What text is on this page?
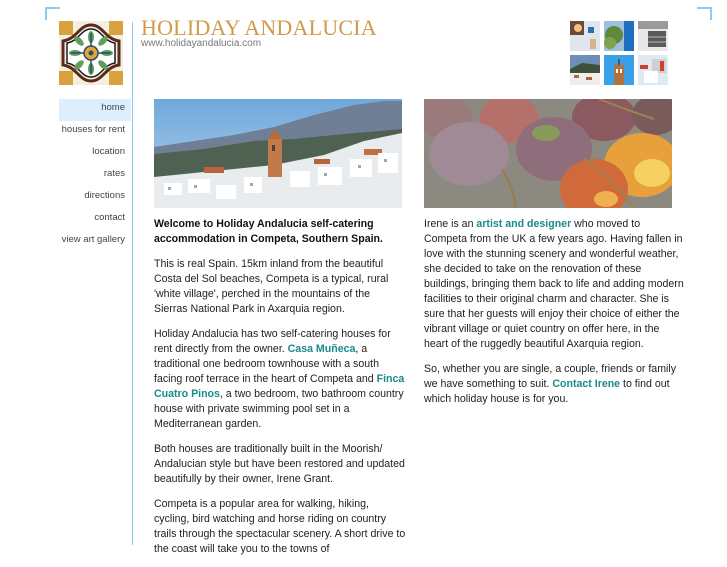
HOLIDAY ANDALUCIA
www.holidayandalucia.com
home
houses for rent
location
rates
directions
contact
view art gallery

Welcome to Holiday Andalucia self-catering accommodation in Competa, Southern Spain.

This is real Spain. 15km inland from the beautiful Costa del Sol beaches, Competa is a typical, rural 'white village', perched in the mountains of the Sierras National Park in Axarquia region.

Holiday Andalucia has two self-catering houses for rent directly from the owner. Casa Muñeca, a traditional one bedroom townhouse with a south facing roof terrace in the heart of Competa and Finca Cuatro Pinos, a two bedroom, two bathroom country house with private swimming pool set in a Mediterranean garden.

Both houses are traditionally built in the Moorish/ Andalucian style but have been restored and updated beautifully by their owner, Irene Grant.

Competa is a popular area for walking, hiking, cycling, bird watching and horse riding on country trails through the spectacular scenery. A short drive to the coast will take you to the towns of

Irene is an artist and designer who moved to Competa from the UK a few years ago. Having fallen in love with the stunning scenery and wonderful weather, she decided to take on the renovation of these buildings, bringing them back to life and adding modern facilities to their original charm and character. She is sure that her guests will enjoy their choice of either the vibrant village or quiet country on offer here, in the heart of the ruggedly beautiful Axarquia region.

So, whether you are single, a couple, friends or family we have something to suit. Contact Irene to find out which holiday house is for you.
